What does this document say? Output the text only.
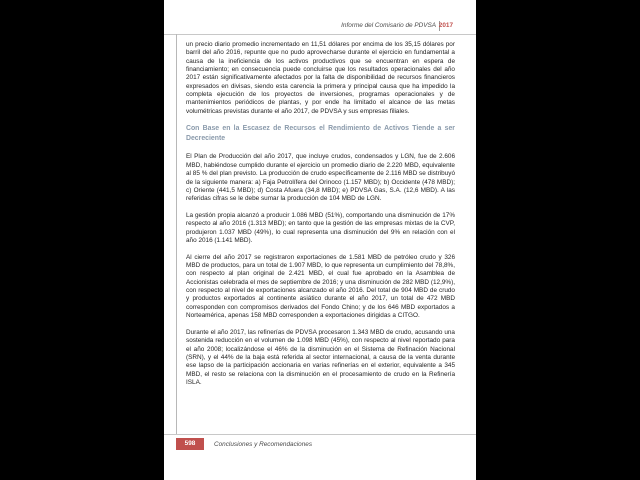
Informe del Comisario de PDVSA 2017

un precio diario promedio incrementado en 11,51 dólares por encima de los 35,15 dólares por barril del año 2016, repunte que no pudo aprovecharse durante el ejercicio en fundamental a causa de la ineficiencia de los activos productivos que se encuentran en espera de financiamiento; en consecuencia puede concluirse que los resultados operacionales del año 2017 están significativamente afectados por la falta de disponibilidad de recursos financieros expresados en divisas, siendo esta carencia la primera y principal causa que ha impedido la completa ejecución de los proyectos de inversiones, programas operacionales y de mantenimientos periódicos de plantas, y por ende ha limitado el alcance de las metas volumétricas previstas durante el año 2017, de PDVSA y sus empresas filiales.

Con Base en la Escasez de Recursos el Rendimiento de Activos Tiende a ser Decreciente

El Plan de Producción del año 2017, que incluye crudos, condensados y LGN, fue de 2.606 MBD, habiéndose cumplido durante el ejercicio un promedio diario de 2.220 MBD, equivalente al 85 % del plan previsto. La producción de crudo específicamente de 2.116 MBD se distribuyó de la siguiente manera: a) Faja Petrolífera del Orinoco (1.157 MBD); b) Occidente (478 MBD); c) Oriente (441,5 MBD); d) Costa Afuera (34,8 MBD); e) PDVSA Gas, S.A. (12,6 MBD). A las referidas cifras se le debe sumar la producción de 104 MBD de LGN.

La gestión propia alcanzó a producir 1.086 MBD (51%), comportando una disminución de 17% respecto al año 2016 (1.313 MBD); en tanto que la gestión de las empresas mixtas de la CVP, produjeron 1.037 MBD (49%), lo cual representa una disminución del 9% en relación con el año 2016 (1.141 MBD).

Al cierre del año 2017 se registraron exportaciones de 1.581 MBD de petróleo crudo y 326 MBD de productos, para un total de 1.907 MBD, lo que representa un cumplimiento del 78,8%, con respecto al plan original de 2.421 MBD, el cual fue aprobado en la Asamblea de Accionistas celebrada el mes de septiembre de 2016; y una disminución de 282 MBD (12,9%), con respecto al nivel de exportaciones alcanzado el año 2016. Del total de 904 MBD de crudo y productos exportados al continente asiático durante el año 2017, un total de 472 MBD corresponden con compromisos derivados del Fondo Chino; y de los 646 MBD exportados a Norteamérica, apenas 158 MBD corresponden a exportaciones dirigidas a CITGO.

Durante el año 2017, las refinerías de PDVSA procesaron 1.343 MBD de crudo, acusando una sostenida reducción en el volumen de 1.098 MBD (45%), con respecto al nivel reportado para el año 2008; localizándose el 46% de la disminución en el Sistema de Refinación Nacional (SRN), y el 44% de la baja está referida al sector internacional, a causa de la venta durante ese lapso de la participación accionaria en varias refinerías en el exterior, equivalente a 345 MBD, el resto se relaciona con la disminución en el procesamiento de crudo en la Refinería ISLA.

598	Conclusiones y Recomendaciones
